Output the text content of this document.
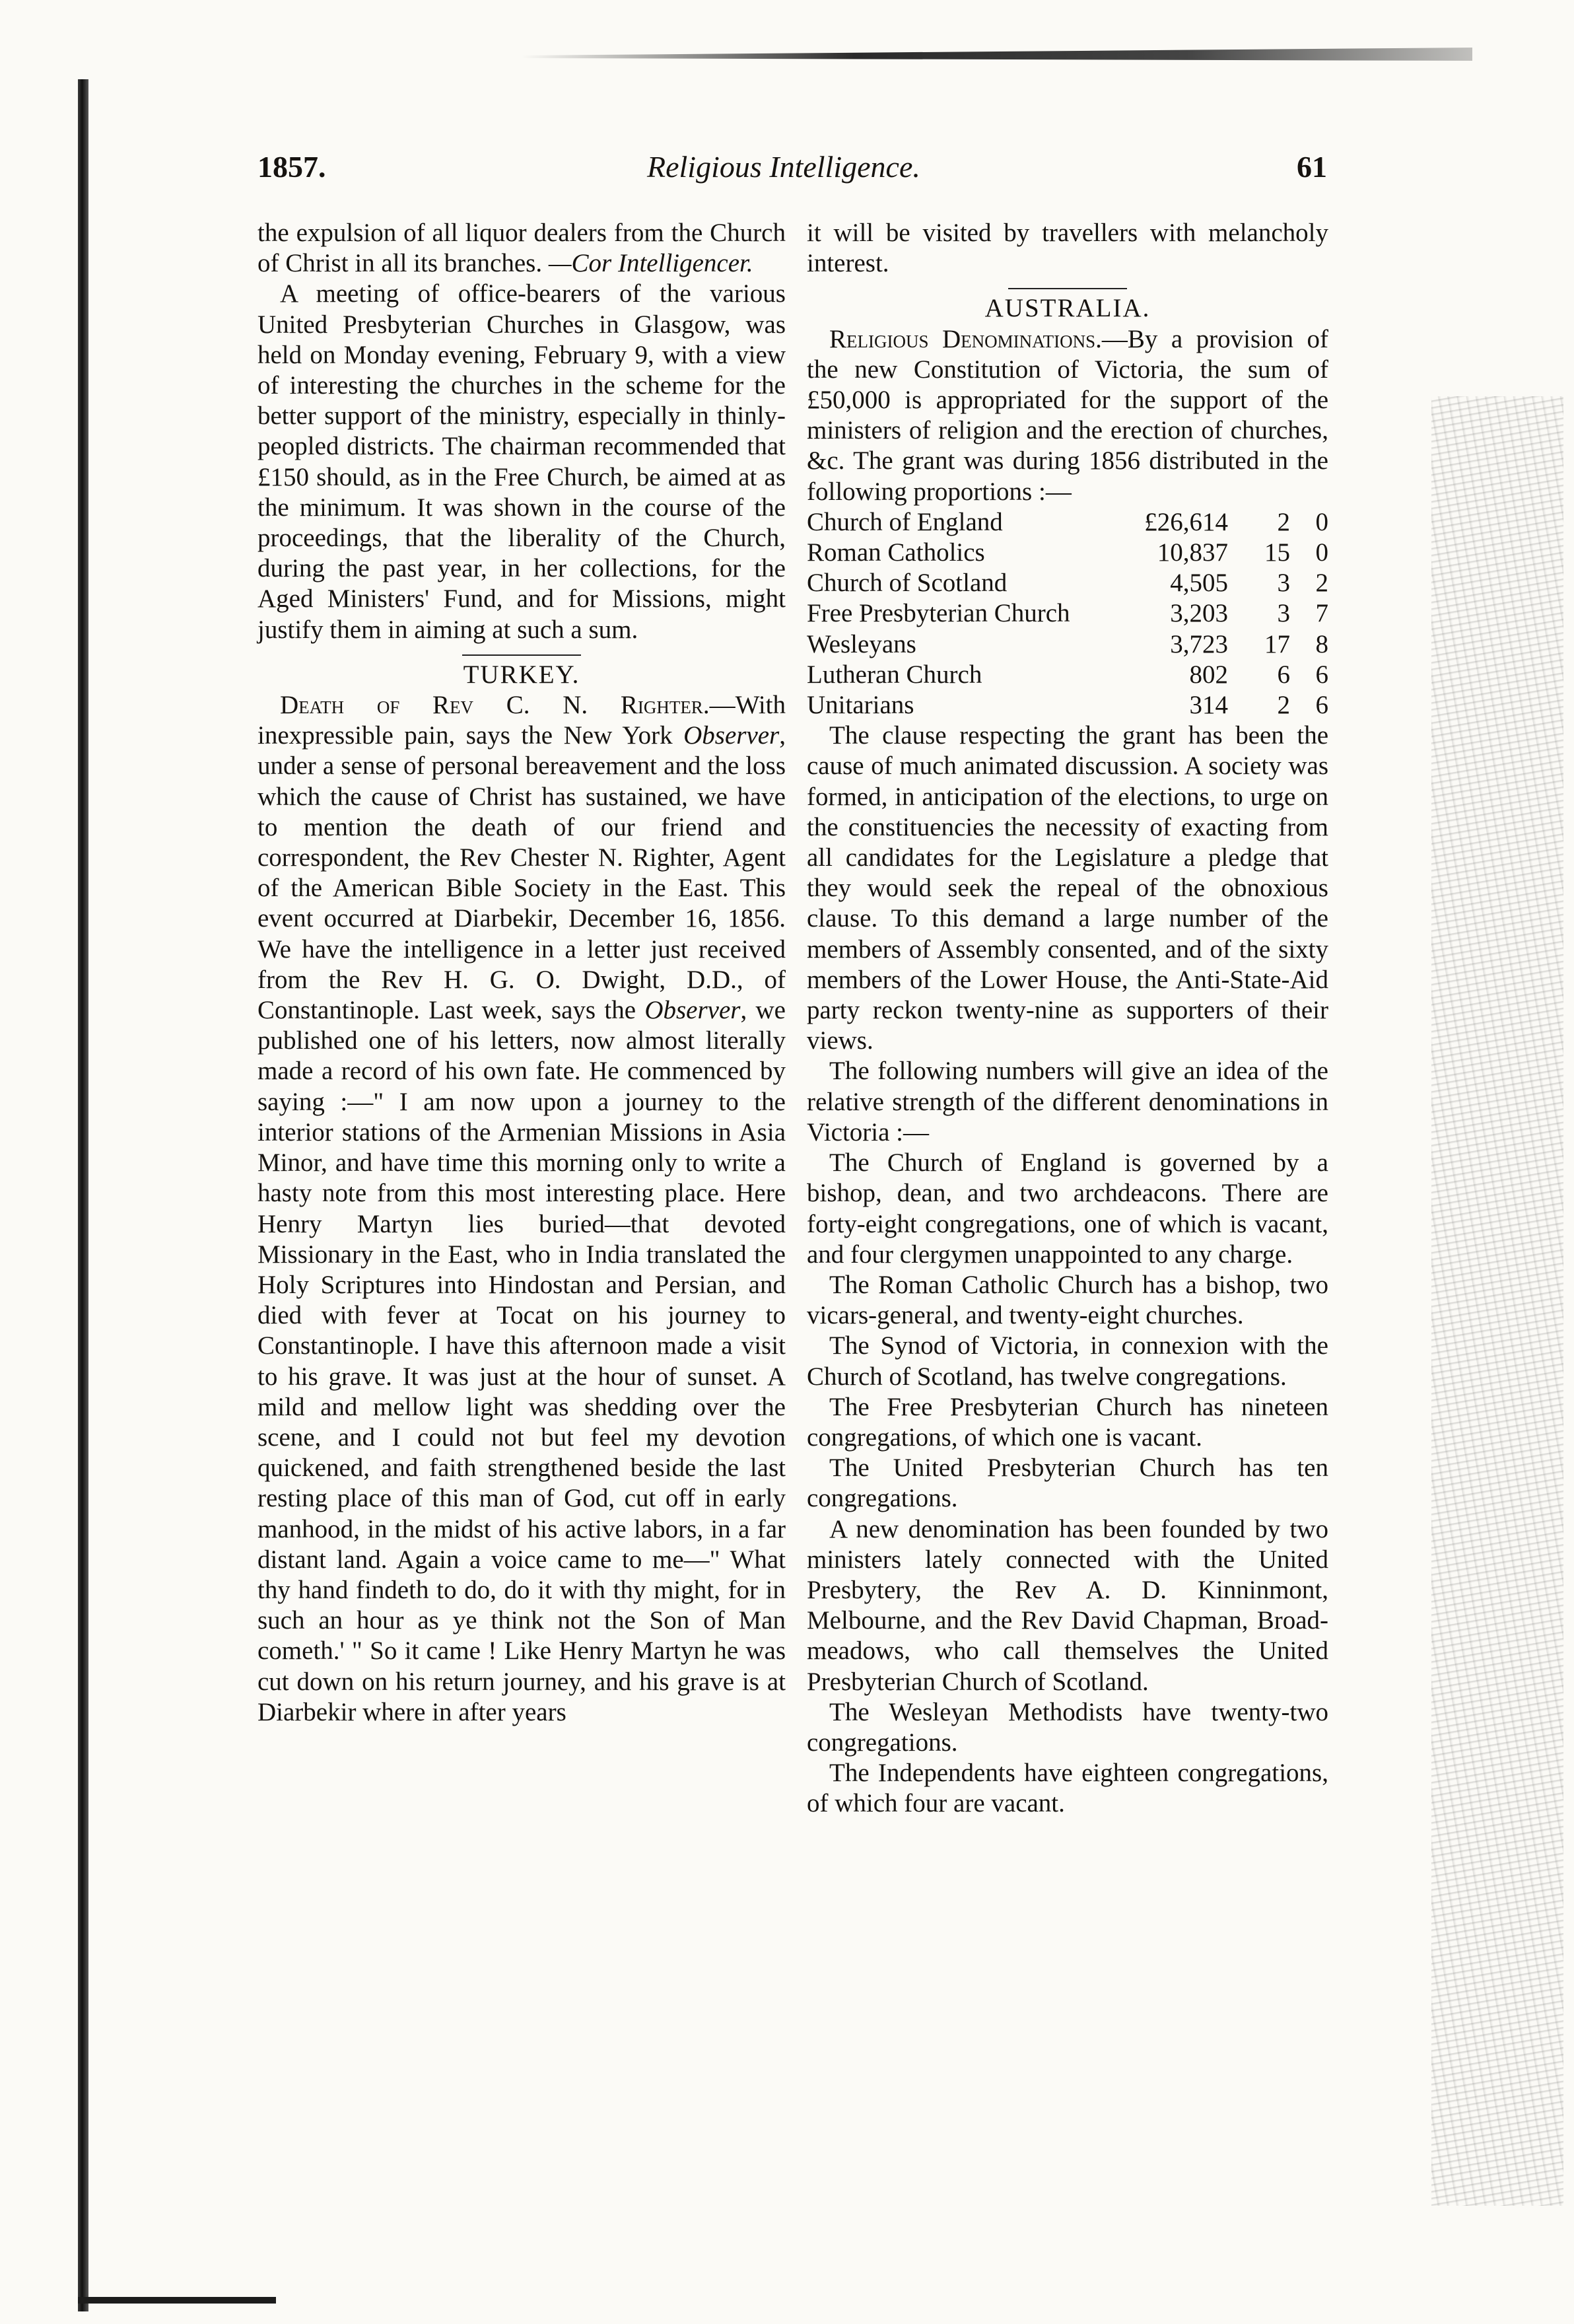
1857.	Religious Intelligence.	61

the expulsion of all liquor dealers from the Church of Christ in all its branches. —Cor Intelligencer.

A meeting of office-bearers of the various United Presbyterian Churches in Glasgow, was held on Monday evening, February 9, with a view of interesting the churches in the scheme for the better support of the ministry, especially in thinly-peopled districts. The chairman recommended that £150 should, as in the Free Church, be aimed at as the minimum. It was shown in the course of the proceedings, that the liberality of the Church, during the past year, in her collections, for the Aged Ministers' Fund, and for Missions, might justify them in aiming at such a sum.

TURKEY.

Death of Rev C. N. Righter.—With inexpressible pain, says the New York Observer, under a sense of personal bereavement and the loss which the cause of Christ has sustained, we have to mention the death of our friend and correspondent, the Rev Chester N. Righter, Agent of the American Bible Society in the East. This event occurred at Diarbekir, December 16, 1856. We have the intelligence in a letter just received from the Rev H. G. O. Dwight, D.D., of Constantinople. Last week, says the Observer, we published one of his letters, now almost literally made a record of his own fate. He commenced by saying :—" I am now upon a journey to the interior stations of the Armenian Missions in Asia Minor, and have time this morning only to write a hasty note from this most interesting place. Here Henry Martyn lies buried—that devoted Missionary in the East, who in India translated the Holy Scriptures into Hindostan and Persian, and died with fever at Tocat on his journey to Constantinople. I have this afternoon made a visit to his grave. It was just at the hour of sunset. A mild and mellow light was shedding over the scene, and I could not but feel my devotion quickened, and faith strengthened beside the last resting place of this man of God, cut off in early manhood, in the midst of his active labors, in a far distant land. Again a voice came to me—" What thy hand findeth to do, do it with thy might, for in such an hour as ye think not the Son of Man cometh.' " So it came ! Like Henry Martyn he was cut down on his return journey, and his grave is at Diarbekir where in after years

it will be visited by travellers with melancholy interest.

AUSTRALIA.

Religious Denominations.—By a provision of the new Constitution of Victoria, the sum of £50,000 is appropriated for the support of the ministers of religion and the erection of churches, &c. The grant was during 1856 distributed in the following proportions :—

Church of England	£26,614	2	0
Roman Catholics	10,837	15	0
Church of Scotland	4,505	3	2
Free Presbyterian Church	3,203	3	7
Wesleyans	3,723	17	8
Lutheran Church	802	6	6
Unitarians	314	2	6

The clause respecting the grant has been the cause of much animated discussion. A society was formed, in anticipation of the elections, to urge on the constituencies the necessity of exacting from all candidates for the Legislature a pledge that they would seek the repeal of the obnoxious clause. To this demand a large number of the members of Assembly consented, and of the sixty members of the Lower House, the Anti-State-Aid party reckon twenty-nine as supporters of their views.

The following numbers will give an idea of the relative strength of the different denominations in Victoria :—

The Church of England is governed by a bishop, dean, and two archdeacons. There are forty-eight congregations, one of which is vacant, and four clergymen unappointed to any charge.

The Roman Catholic Church has a bishop, two vicars-general, and twenty-eight churches.

The Synod of Victoria, in connexion with the Church of Scotland, has twelve congregations.

The Free Presbyterian Church has nineteen congregations, of which one is vacant.

The United Presbyterian Church has ten congregations.

A new denomination has been founded by two ministers lately connected with the United Presbytery, the Rev A. D. Kinninmont, Melbourne, and the Rev David Chapman, Broad-meadows, who call themselves the United Presbyterian Church of Scotland.

The Wesleyan Methodists have twenty-two congregations.

The Independents have eighteen congregations, of which four are vacant.
